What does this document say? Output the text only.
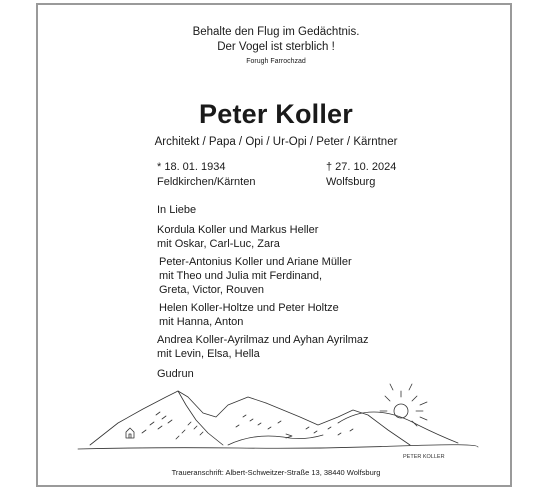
Behalte den Flug im Gedächtnis.
Der Vogel ist sterblich !
Forugh Farrochzad
Peter Koller
Architekt / Papa / Opi / Ur-Opi / Peter / Kärntner
* 18. 01. 1934
Feldkirchen/Kärnten
† 27. 10. 2024
Wolfsburg
In Liebe
Kordula Koller und Markus Heller
mit Oskar, Carl-Luc, Zara
Peter-Antonius Koller und Ariane Müller
mit Theo und Julia mit Ferdinand,
Greta, Victor, Rouven
Helen Koller-Holtze und Peter Holtze
mit Hanna, Anton
Andrea Koller-Ayrilmaz und Ayhan Ayrilmaz
mit Levin, Elsa, Hella
Gudrun
PETER KOLLER
Traueranschrift: Albert-Schweitzer-Straße 13, 38440 Wolfsburg
